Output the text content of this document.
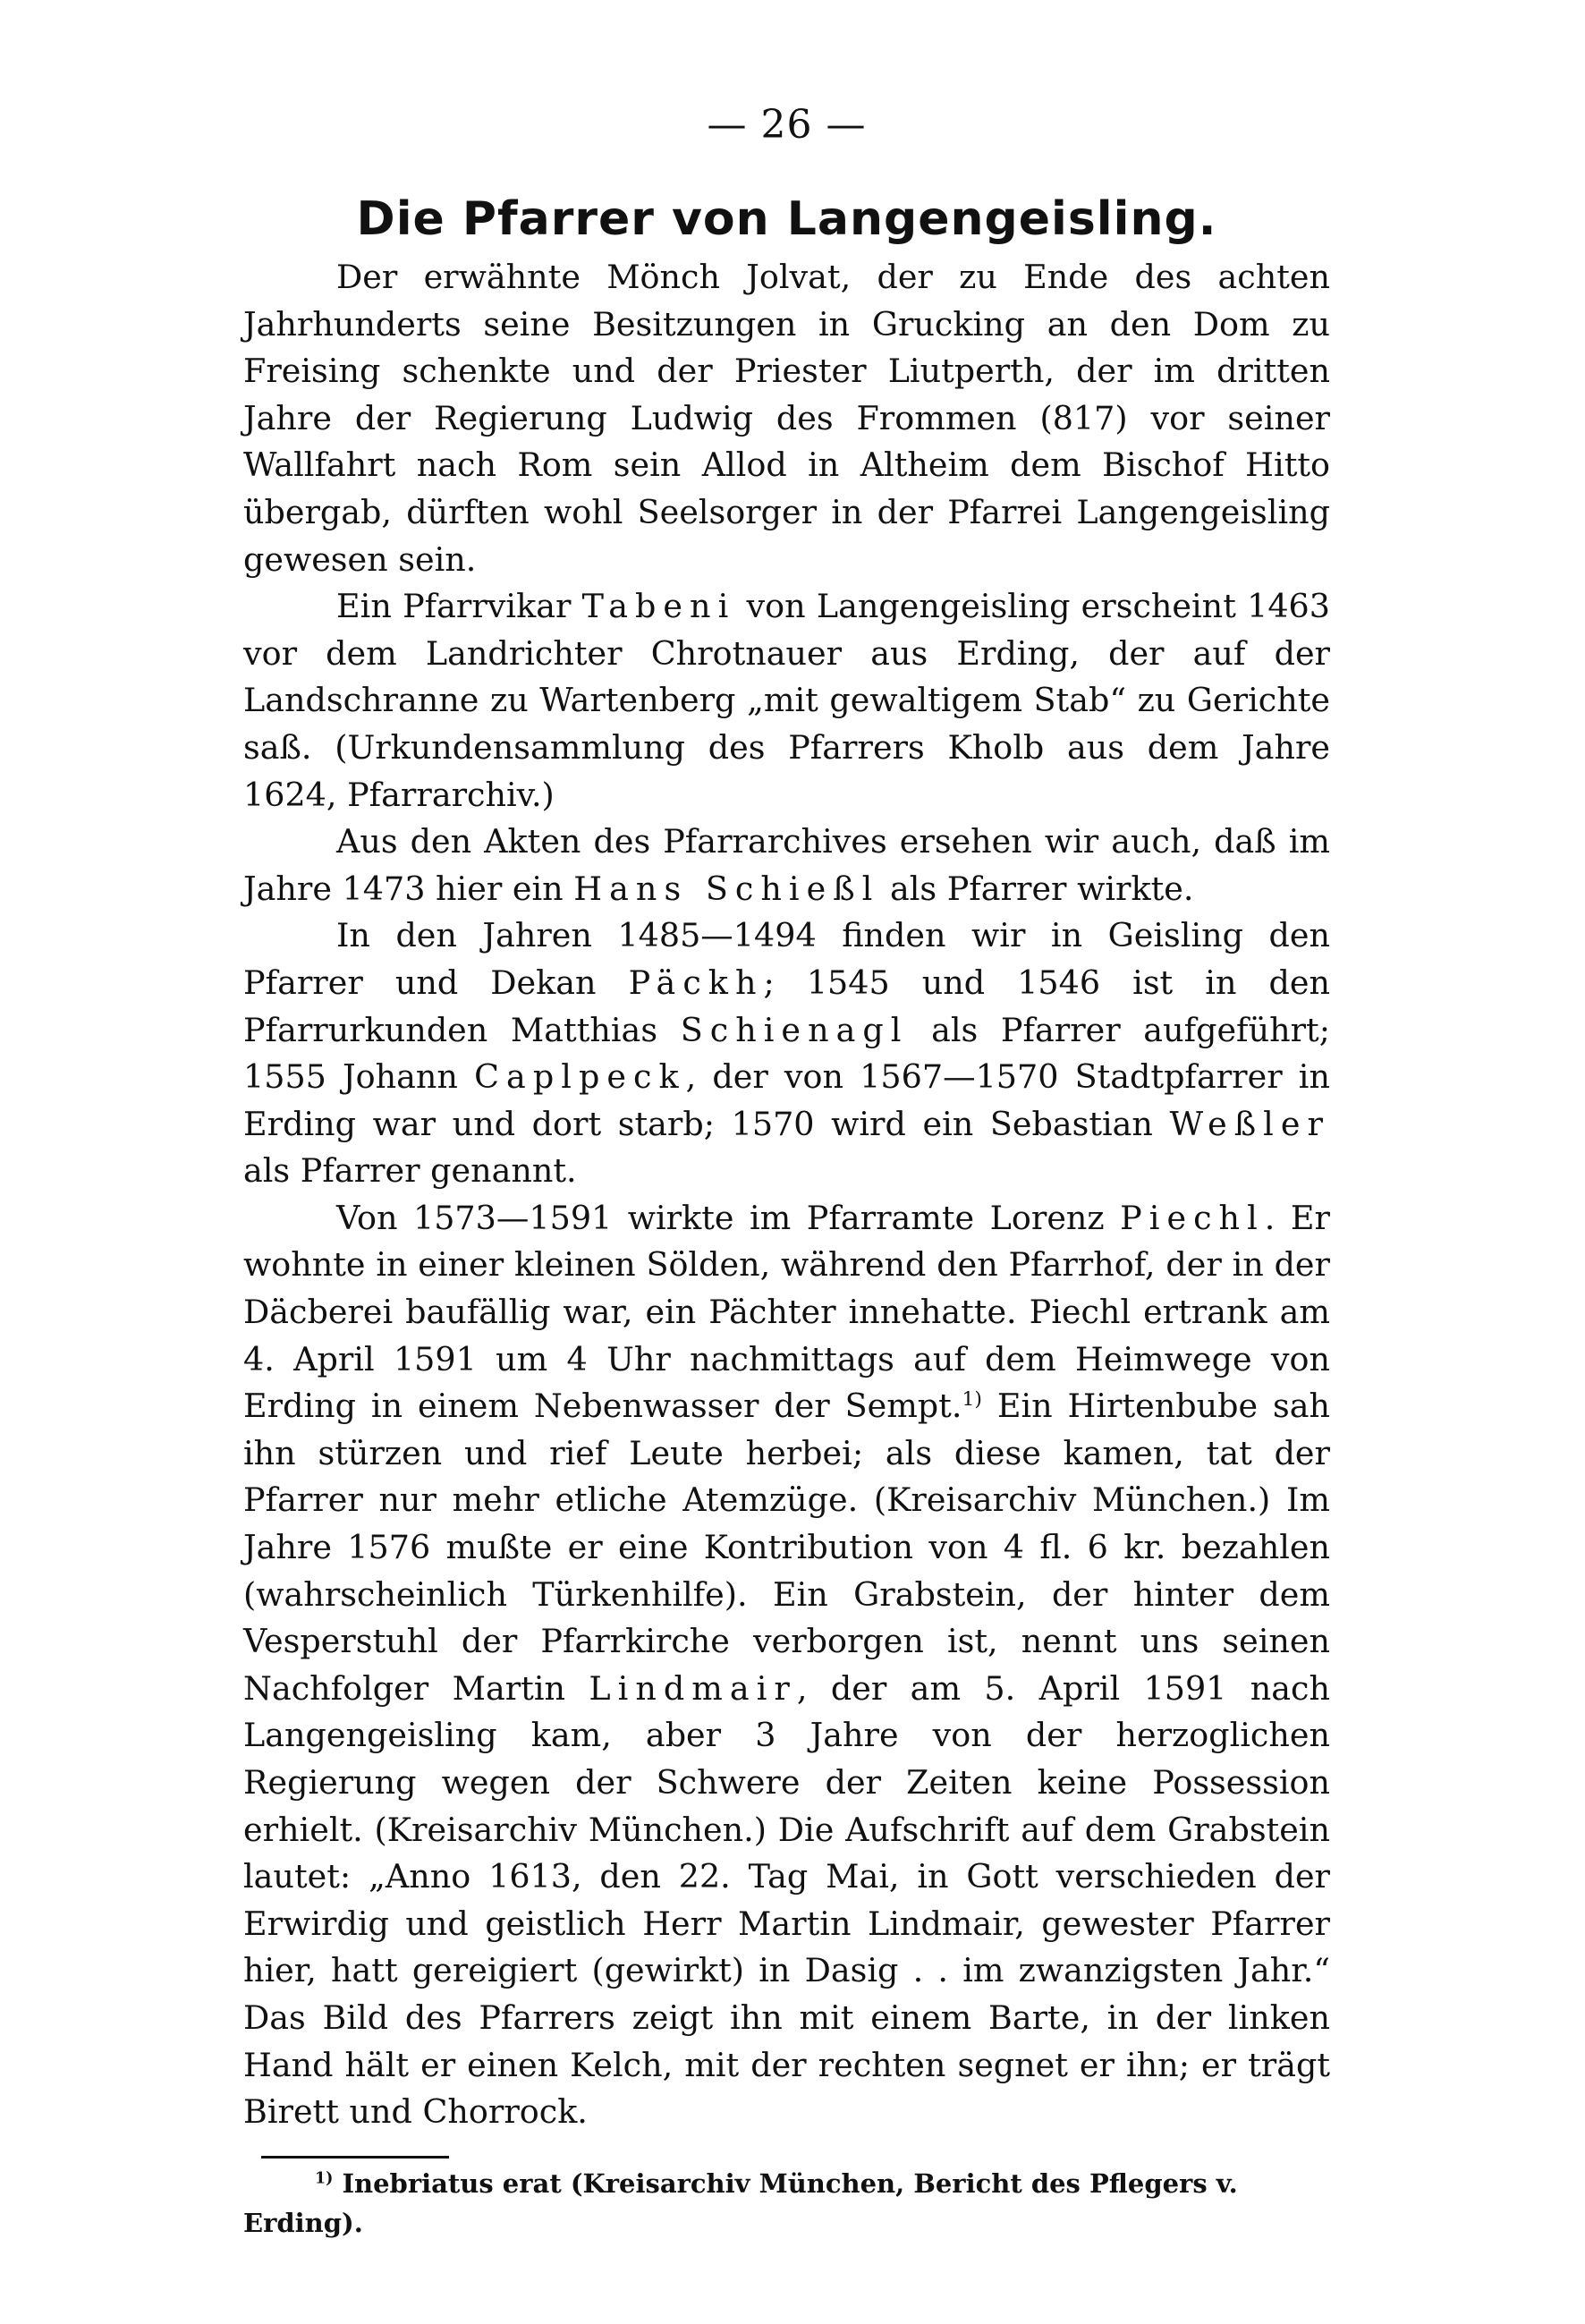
— 26 —
Die Pfarrer von Langengeisling.

Der erwähnte Mönch Jolvat, der zu Ende des achten Jahrhunderts seine Besitzungen in Grucking an den Dom zu Freising schenkte und der Priester Liutperth, der im dritten Jahre der Regierung Ludwig des Frommen (817) vor seiner Wallfahrt nach Rom sein Allod in Altheim dem Bischof Hitto übergab, dürften wohl Seelsorger in der Pfarrei Langengeisling gewesen sein.

Ein Pfarrvikar Tabeni von Langengeisling erscheint 1463 vor dem Landrichter Chrotnauer aus Erding, der auf der Landschranne zu Wartenberg „mit gewaltigem Stab“ zu Gerichte saß. (Urkundensammlung des Pfarrers Kholb aus dem Jahre 1624, Pfarrarchiv.)

Aus den Akten des Pfarrarchives ersehen wir auch, daß im Jahre 1473 hier ein Hans Schießl als Pfarrer wirkte.

In den Jahren 1485—1494 finden wir in Geisling den Pfarrer und Dekan Päckh; 1545 und 1546 ist in den Pfarrurkunden Matthias Schienagl als Pfarrer aufgeführt; 1555 Johann Caplpeck, der von 1567—1570 Stadtpfarrer in Erding war und dort starb; 1570 wird ein Sebastian Weßler als Pfarrer genannt.

Von 1573—1591 wirkte im Pfarramte Lorenz Piechl. Er wohnte in einer kleinen Sölden, während den Pfarrhof, der in der Däcberei baufällig war, ein Pächter innehatte. Piechl ertrank am 4. April 1591 um 4 Uhr nachmittags auf dem Heimwege von Erding in einem Nebenwasser der Sempt.$^{1)}$ Ein Hirtenbube sah ihn stürzen und rief Leute herbei; als diese kamen, tat der Pfarrer nur mehr etliche Atemzüge. (Kreisarchiv München.) Im Jahre 1576 mußte er eine Kontribution von 4 fl. 6 kr. bezahlen (wahrscheinlich Türkenhilfe). Ein Grabstein, der hinter dem Vesperstuhl der Pfarrkirche verborgen ist, nennt uns seinen Nachfolger Martin Lindmair, der am 5. April 1591 nach Langengeisling kam, aber 3 Jahre von der herzoglichen Regierung wegen der Schwere der Zeiten keine Possession erhielt. (Kreisarchiv München.) Die Aufschrift auf dem Grabstein lautet: „Anno 1613, den 22. Tag Mai, in Gott verschieden der Erwirdig und geistlich Herr Martin Lindmair, gewester Pfarrer hier, hatt gereigiert (gewirkt) in Dasig . . im zwanzigsten Jahr.“ Das Bild des Pfarrers zeigt ihn mit einem Barte, in der linken Hand hält er einen Kelch, mit der rechten segnet er ihn; er trägt Birett und Chorrock.

$^{1)}$ Inebriatus erat (Kreisarchiv München, Bericht des Pflegers v. Erding).
